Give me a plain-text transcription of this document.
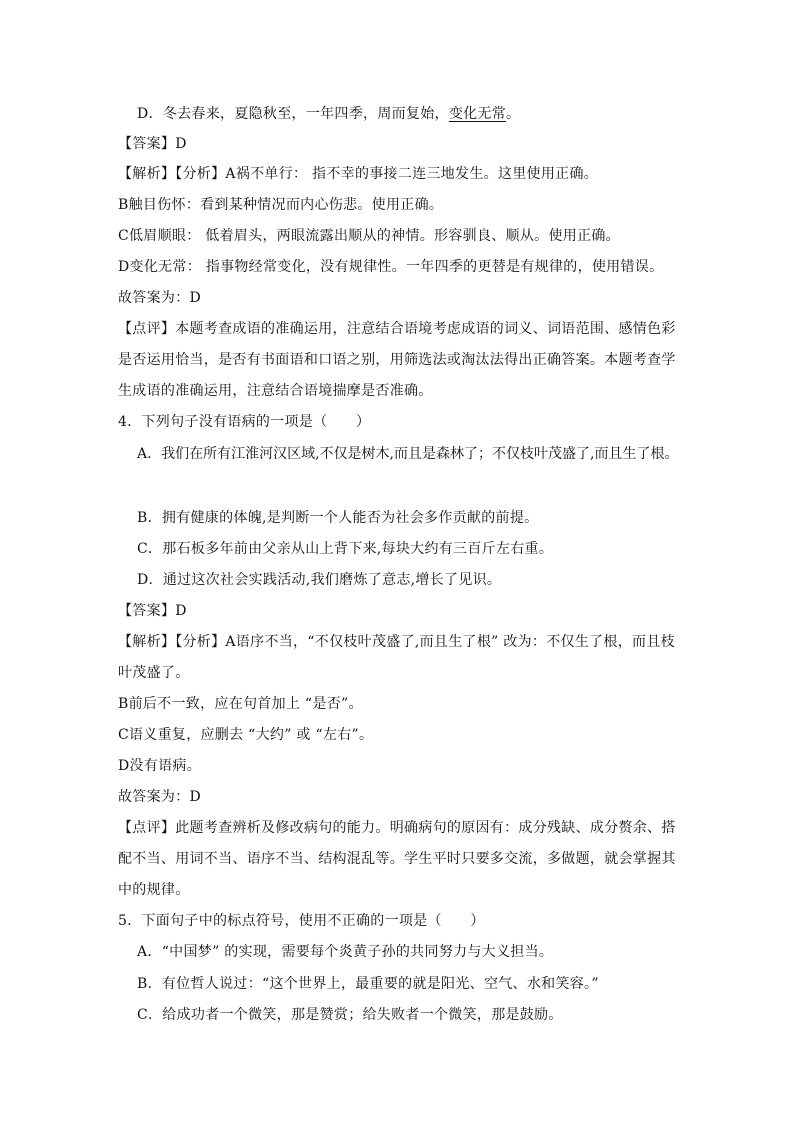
D．冬去春来，夏隐秋至，一年四季，周而复始，变化无常。
【答案】D
【解析】【分析】A祸不单行： 指不幸的事接二连三地发生。这里使用正确。
B触目伤怀：看到某种情况而内心伤悲。使用正确。
C低眉顺眼： 低着眉头，两眼流露出顺从的神情。形容驯良、顺从。使用正确。
D变化无常： 指事物经常变化，没有规律性。一年四季的更替是有规律的，使用错误。
故答案为：D
【点评】本题考查成语的准确运用，注意结合语境考虑成语的词义、词语范围、感情色彩
是否运用恰当，是否有书面语和口语之别，用筛选法或淘汰法得出正确答案。本题考查学
生成语的准确运用，注意结合语境揣摩是否准确。
4．下列句子没有语病的一项是（　　）
A．我们在所有江淮河汉区域,不仅是树木,而且是森林了；不仅枝叶茂盛了,而且生了根。
B．拥有健康的体魄,是判断一个人能否为社会多作贡献的前提。
C．那石板多年前由父亲从山上背下来,每块大约有三百斤左右重。
D．通过这次社会实践活动,我们磨炼了意志,增长了见识。
【答案】D
【解析】【分析】A语序不当，“不仅枝叶茂盛了,而且生了根” 改为：不仅生了根，而且枝
叶茂盛了。
B前后不一致，应在句首加上 “是否”。
C语义重复，应删去 “大约” 或 “左右”。
D没有语病。
故答案为：D
【点评】此题考查辨析及修改病句的能力。明确病句的原因有：成分残缺、成分赘余、搭
配不当、用词不当、语序不当、结构混乱等。学生平时只要多交流，多做题，就会掌握其
中的规律。
5．下面句子中的标点符号，使用不正确的一项是（　　）
A．“中国梦” 的实现，需要每个炎黄子孙的共同努力与大义担当。
B．有位哲人说过：“这个世界上，最重要的就是阳光、空气、水和笑容。”
C．给成功者一个微笑，那是赞赏；给失败者一个微笑，那是鼓励。
